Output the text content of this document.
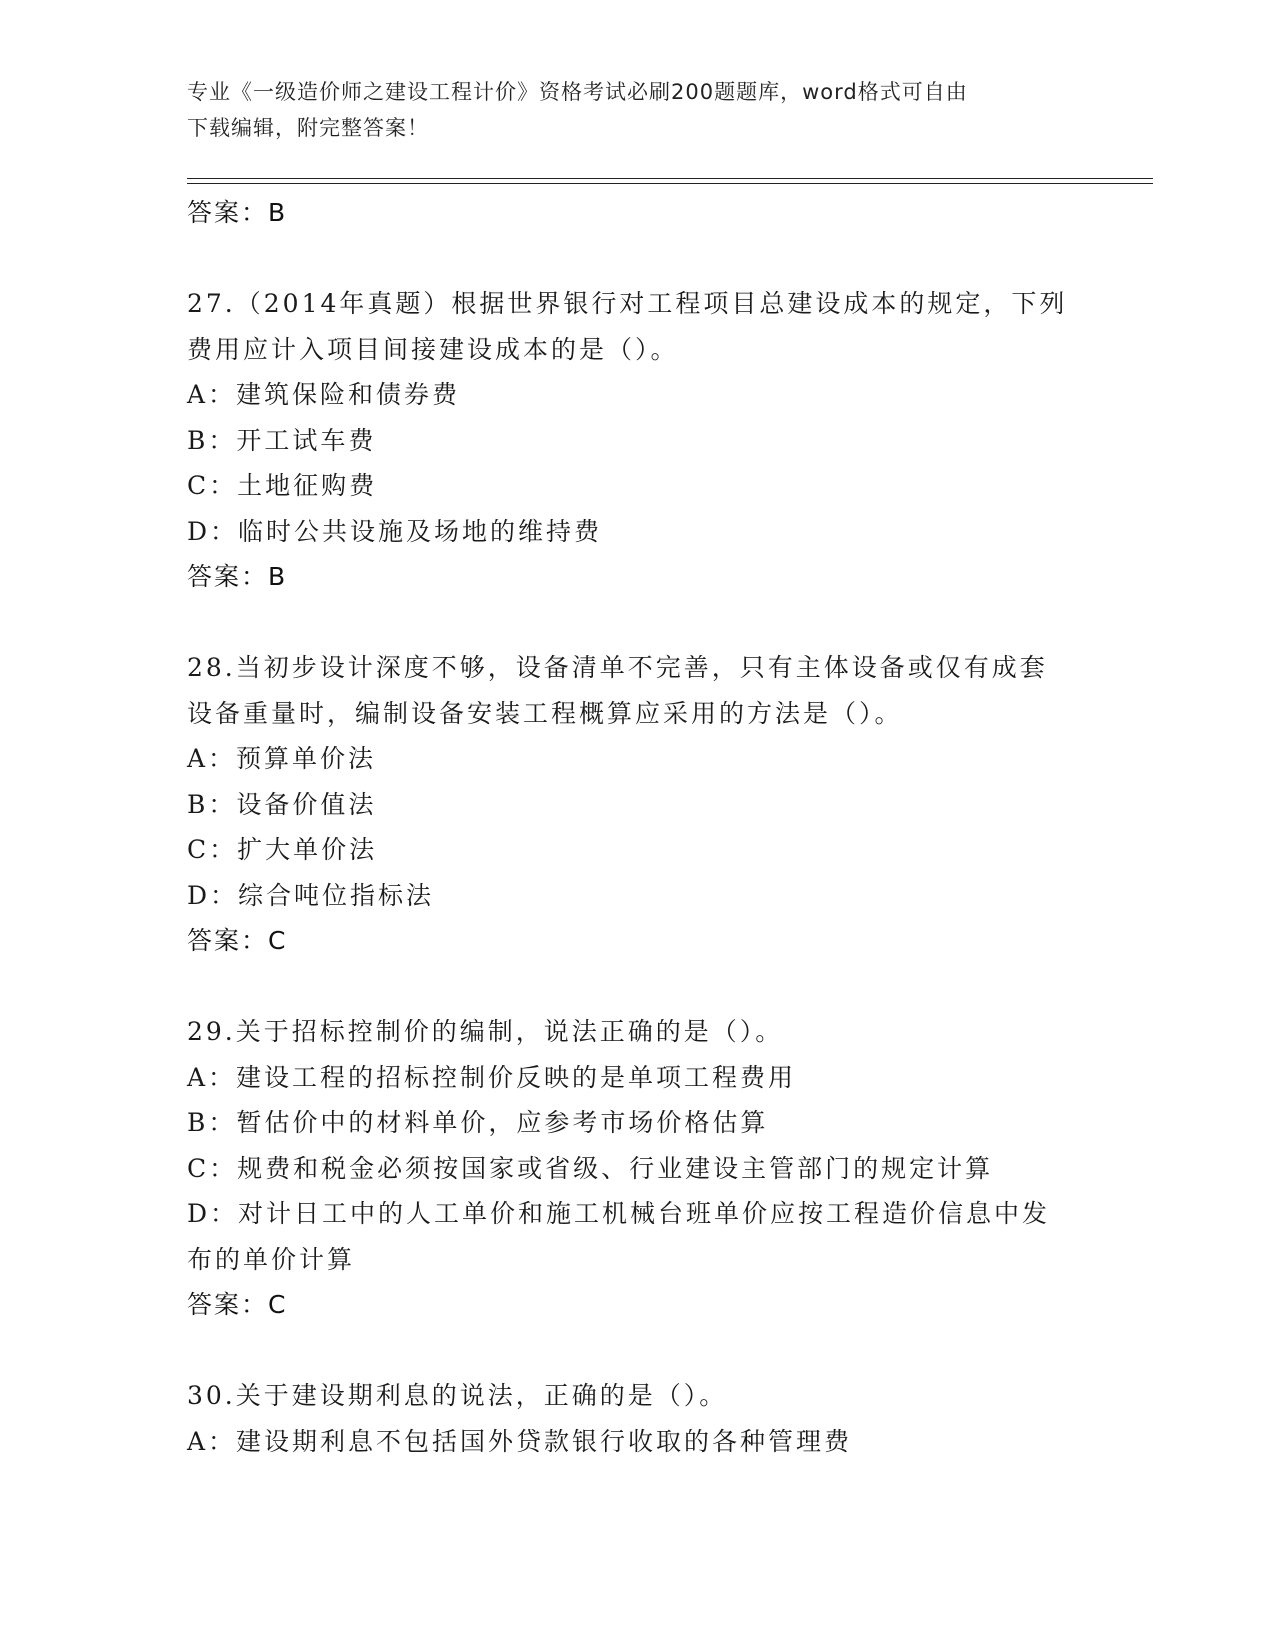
专业《一级造价师之建设工程计价》资格考试必刷200题题库，word格式可自由
下载编辑，附完整答案！
答案：B
27.（2014年真题）根据世界银行对工程项目总建设成本的规定，下列
费用应计入项目间接建设成本的是（）。
A：建筑保险和债券费
B：开工试车费
C：土地征购费
D：临时公共设施及场地的维持费
答案：B
28.当初步设计深度不够，设备清单不完善，只有主体设备或仅有成套
设备重量时，编制设备安装工程概算应采用的方法是（）。
A：预算单价法
B：设备价值法
C：扩大单价法
D：综合吨位指标法
答案：C
29.关于招标控制价的编制，说法正确的是（）。
A：建设工程的招标控制价反映的是单项工程费用
B：暂估价中的材料单价，应参考市场价格估算
C：规费和税金必须按国家或省级、行业建设主管部门的规定计算
D：对计日工中的人工单价和施工机械台班单价应按工程造价信息中发
布的单价计算
答案：C
30.关于建设期利息的说法，正确的是（）。
A：建设期利息不包括国外贷款银行收取的各种管理费
